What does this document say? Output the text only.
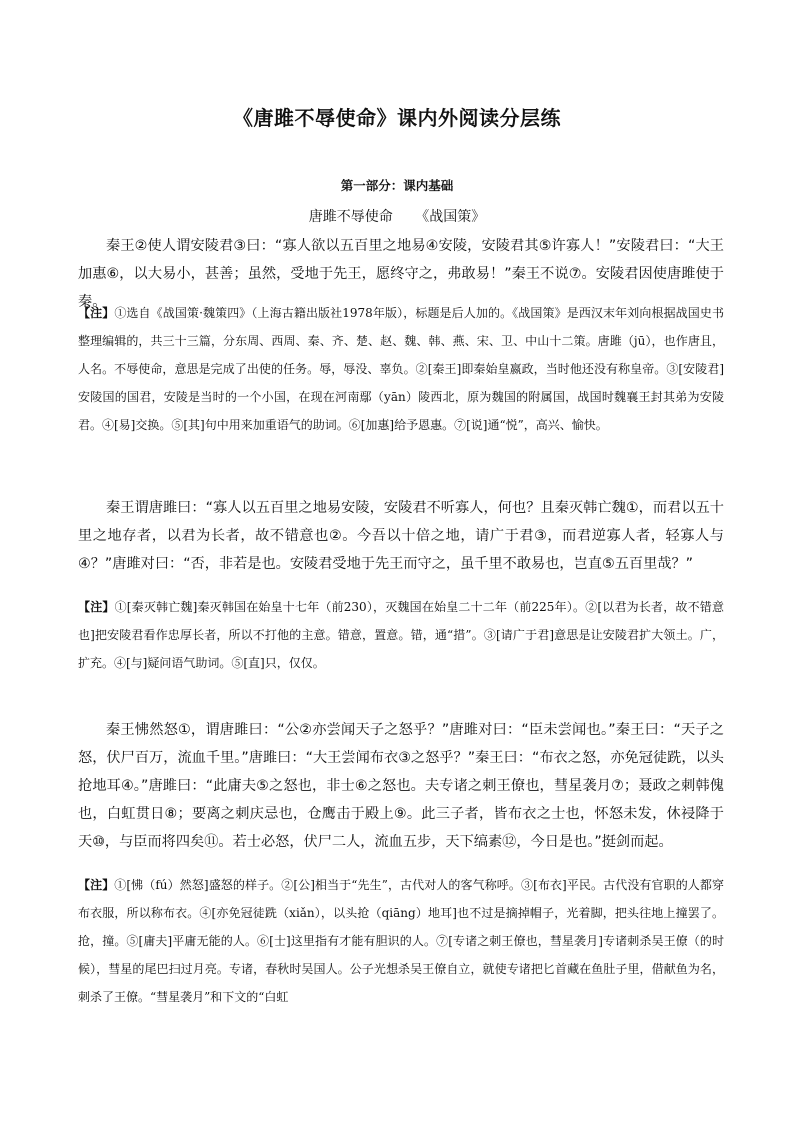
《唐雎不辱使命》课内外阅读分层练
第一部分：课内基础
唐雎不辱使命 《战国策》

秦王②使人谓安陵君③曰：“寡人欲以五百里之地易④安陵，安陵君其⑤许寡人！”安陵君曰：“大王加惠⑥，以大易小，甚善；虽然，受地于先王，愿终守之，弗敢易！”秦王不说⑦。安陵君因使唐雎使于秦。

【注】①选自《战国策·魏策四》（上海古籍出版社1978年版），标题是后人加的。《战国策》是西汉末年刘向根据战国史书整理编辑的，共三十三篇，分东周、西周、秦、齐、楚、赵、魏、韩、燕、宋、卫、中山十二策。唐雎（jū），也作唐且，人名。不辱使命，意思是完成了出使的任务。辱，辱没、辜负。②[秦王]即秦始皇嬴政，当时他还没有称皇帝。③[安陵君]安陵国的国君，安陵是当时的一个小国，在现在河南鄢（yān）陵西北，原为魏国的附属国，战国时魏襄王封其弟为安陵君。④[易]交换。⑤[其]句中用来加重语气的助词。⑥[加惠]给予恩惠。⑦[说]通“悦”，高兴、愉快。

秦王谓唐雎曰：“寡人以五百里之地易安陵，安陵君不听寡人，何也？且秦灭韩亡魏①，而君以五十里之地存者，以君为长者，故不错意也②。今吾以十倍之地，请广于君③，而君逆寡人者，轻寡人与④？”唐雎对曰：“否，非若是也。安陵君受地于先王而守之，虽千里不敢易也，岂直⑤五百里哉？”

【注】①[秦灭韩亡魏]秦灭韩国在始皇十七年（前230），灭魏国在始皇二十二年（前225年）。②[以君为长者，故不错意也]把安陵君看作忠厚长者，所以不打他的主意。错意，置意。错，通“措”。③[请广于君]意思是让安陵君扩大领土。广，扩充。④[与]疑问语气助词。⑤[直]只，仅仅。

秦王怫然怒①，谓唐雎曰：“公②亦尝闻天子之怒乎？”唐雎对曰：“臣未尝闻也。”秦王曰：“天子之怒，伏尸百万，流血千里。”唐雎曰：“大王尝闻布衣③之怒乎？”秦王曰：“布衣之怒，亦免冠徒跣，以头抢地耳④。”唐雎曰：“此庸夫⑤之怒也，非士⑥之怒也。夫专诸之刺王僚也，彗星袭月⑦；聂政之刺韩傀也，白虹贯日⑧；要离之刺庆忌也，仓鹰击于殿上⑨。此三子者，皆布衣之士也，怀怒未发，休祲降于天⑩，与臣而将四矣⑪。若士必怒，伏尸二人，流血五步，天下缟素⑫，今日是也。”挺剑而起。

【注】①[怫（fú）然怒]盛怒的样子。②[公]相当于“先生”，古代对人的客气称呼。③[布衣]平民。古代没有官职的人都穿布衣服，所以称布衣。④[亦免冠徒跣（xiǎn），以头抢（qiāng）地耳]也不过是摘掉帽子，光着脚，把头往地上撞罢了。抢，撞。⑤[庸夫]平庸无能的人。⑥[士]这里指有才能有胆识的人。⑦[专诸之刺王僚也，彗星袭月]专诸刺杀吴王僚（的时候），彗星的尾巴扫过月亮。专诸，春秋时吴国人。公子光想杀吴王僚自立，就使专诸把匕首藏在鱼肚子里，借献鱼为名，刺杀了王僚。“彗星袭月”和下文的“白虹
